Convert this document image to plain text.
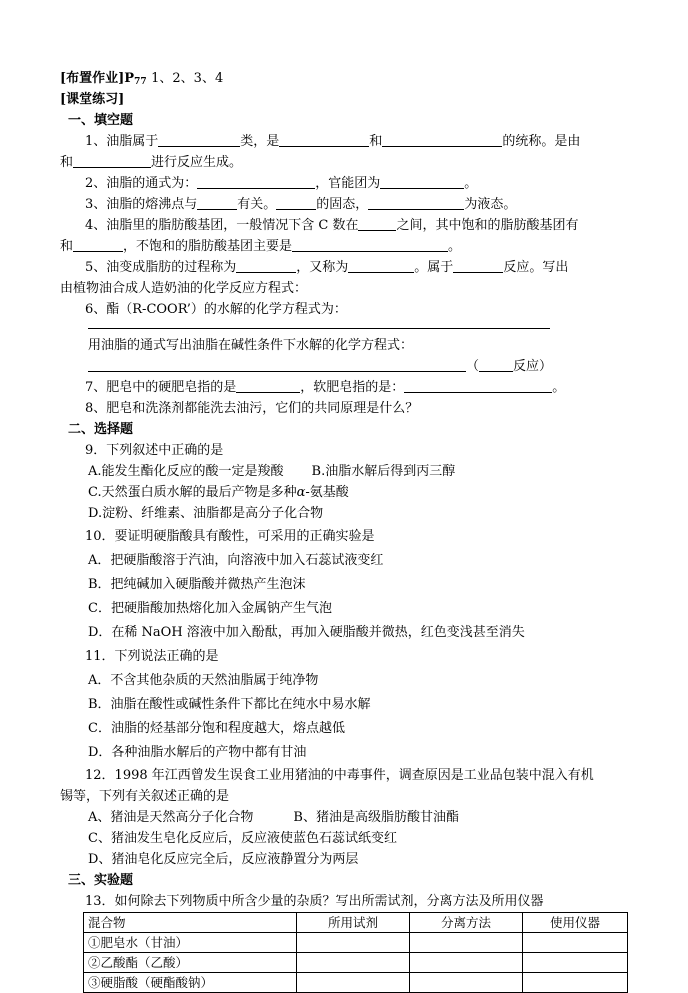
[布置作业]$P_{77}$ 1、2、3、4
[课堂练习]
一、填空题
1、油脂属于	类，是	和	的统称。是由
和	进行反应生成。
2、油脂的通式为：	，官能团为	。
3、油脂的熔沸点与	有关。	的固态，	为液态。
4、油脂里的脂肪酸基团，一般情况下含 C 数在	之间，其中饱和的脂肪酸基团有
和	，不饱和的脂肪酸基团主要是	。
5、油变成脂肪的过程称为	，又称为	。属于	反应。写出
由植物油合成人造奶油的化学反应方程式：
6、酯（R-COOR’）的水解的化学方程式为：
用油脂的通式写出油脂在碱性条件下水解的化学方程式：
（	反应）
7、肥皂中的硬肥皂指的是	，软肥皂指的是：	。
8、肥皂和洗涤剂都能洗去油污，它们的共同原理是什么？
二、选择题
9．下列叙述中正确的是
A.能发生酯化反应的酸一定是羧酸 B.油脂水解后得到丙三醇
C.天然蛋白质水解的最后产物是多种α-氨基酸
D.淀粉、纤维素、油脂都是高分子化合物
10．要证明硬脂酸具有酸性，可采用的正确实验是
A．把硬脂酸溶于汽油，向溶液中加入石蕊试液变红
B．把纯碱加入硬脂酸并微热产生泡沫
C．把硬脂酸加热熔化加入金属钠产生气泡
D．在稀 NaOH 溶液中加入酚酞，再加入硬脂酸并微热，红色变浅甚至消失
11．下列说法正确的是
A．不含其他杂质的天然油脂属于纯净物
B．油脂在酸性或碱性条件下都比在纯水中易水解
C．油脂的烃基部分饱和程度越大，熔点越低
D．各种油脂水解后的产物中都有甘油
12．1998 年江西曾发生误食工业用猪油的中毒事件，调查原因是工业品包装中混入有机
锡等，下列有关叙述正确的是
A、猪油是天然高分子化合物	B、猪油是高级脂肪酸甘油酯
C、猪油发生皂化反应后，反应液使蓝色石蕊试纸变红
D、猪油皂化反应完全后，反应液静置分为两层
三、实验题
13．如何除去下列物质中所含少量的杂质？写出所需试剂，分离方法及所用仪器
混合物	所用试剂	分离方法	使用仪器
①肥皂水（甘油）			
②乙酸酯（乙酸）			
③硬脂酸（硬酯酸钠）			
